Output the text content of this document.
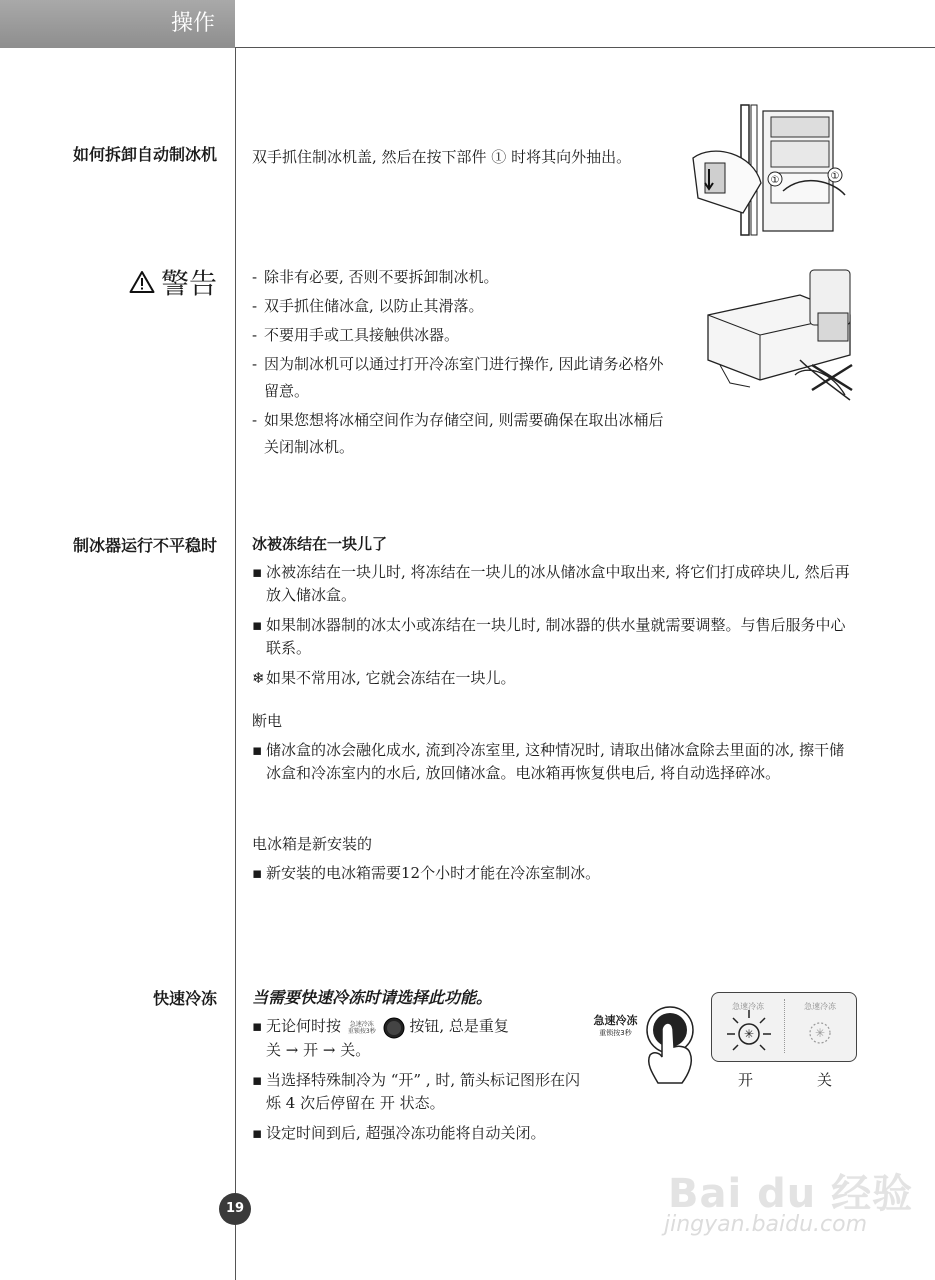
操作
如何拆卸自动制冰机 双手抓住制冰机盖, 然后在按下部件 ① 时将其向外抽出。
①	①
警告 - 除非有必要, 否则不要拆卸制冰机。
- 双手抓住储冰盒, 以防止其滑落。
- 不要用手或工具接触供冰器。
- 因为制冰机可以通过打开冷冻室门进行操作, 因此请务必格外留意。
- 如果您想将冰桶空间作为存储空间, 则需要确保在取出冰桶后关闭制冰机。
制冰器运行不平稳时 冰被冻结在一块儿了
▪ 冰被冻结在一块儿时, 将冻结在一块儿的冰从储冰盒中取出来, 将它们打成碎块儿, 然后再放入储冰盒。
▪ 如果制冰器制的冰太小或冻结在一块儿时, 制冰器的供水量就需要调整。与售后服务中心联系。
❄ 如果不常用冰, 它就会冻结在一块儿。
断电
▪ 储冰盒的冰会融化成水, 流到冷冻室里, 这种情况时, 请取出储冰盒除去里面的冰, 擦干储冰盒和冷冻室内的水后, 放回储冰盒。电冰箱再恢复供电后, 将自动选择碎冰。
电冰箱是新安装的
▪ 新安装的电冰箱需要12个小时才能在冷冻室制冰。
快速冷冻 当需要快速冷冻时请选择此功能。
▪ 无论何时按	急速冷冻
重锁按3秒 按钮, 总是重复
关 → 开 → 关。
▪ 当选择特殊制冷为 “开” , 时, 箭头标记图形在闪烁 4 次后停留在 开 状态。
▪ 设定时间到后, 超强冷冻功能将自动关闭。
急速冷冻
重锁按3秒
急速冷冻	急速冷冻
✳	✳
开	关
19	Bai du 经验
jingyan.baidu.com
